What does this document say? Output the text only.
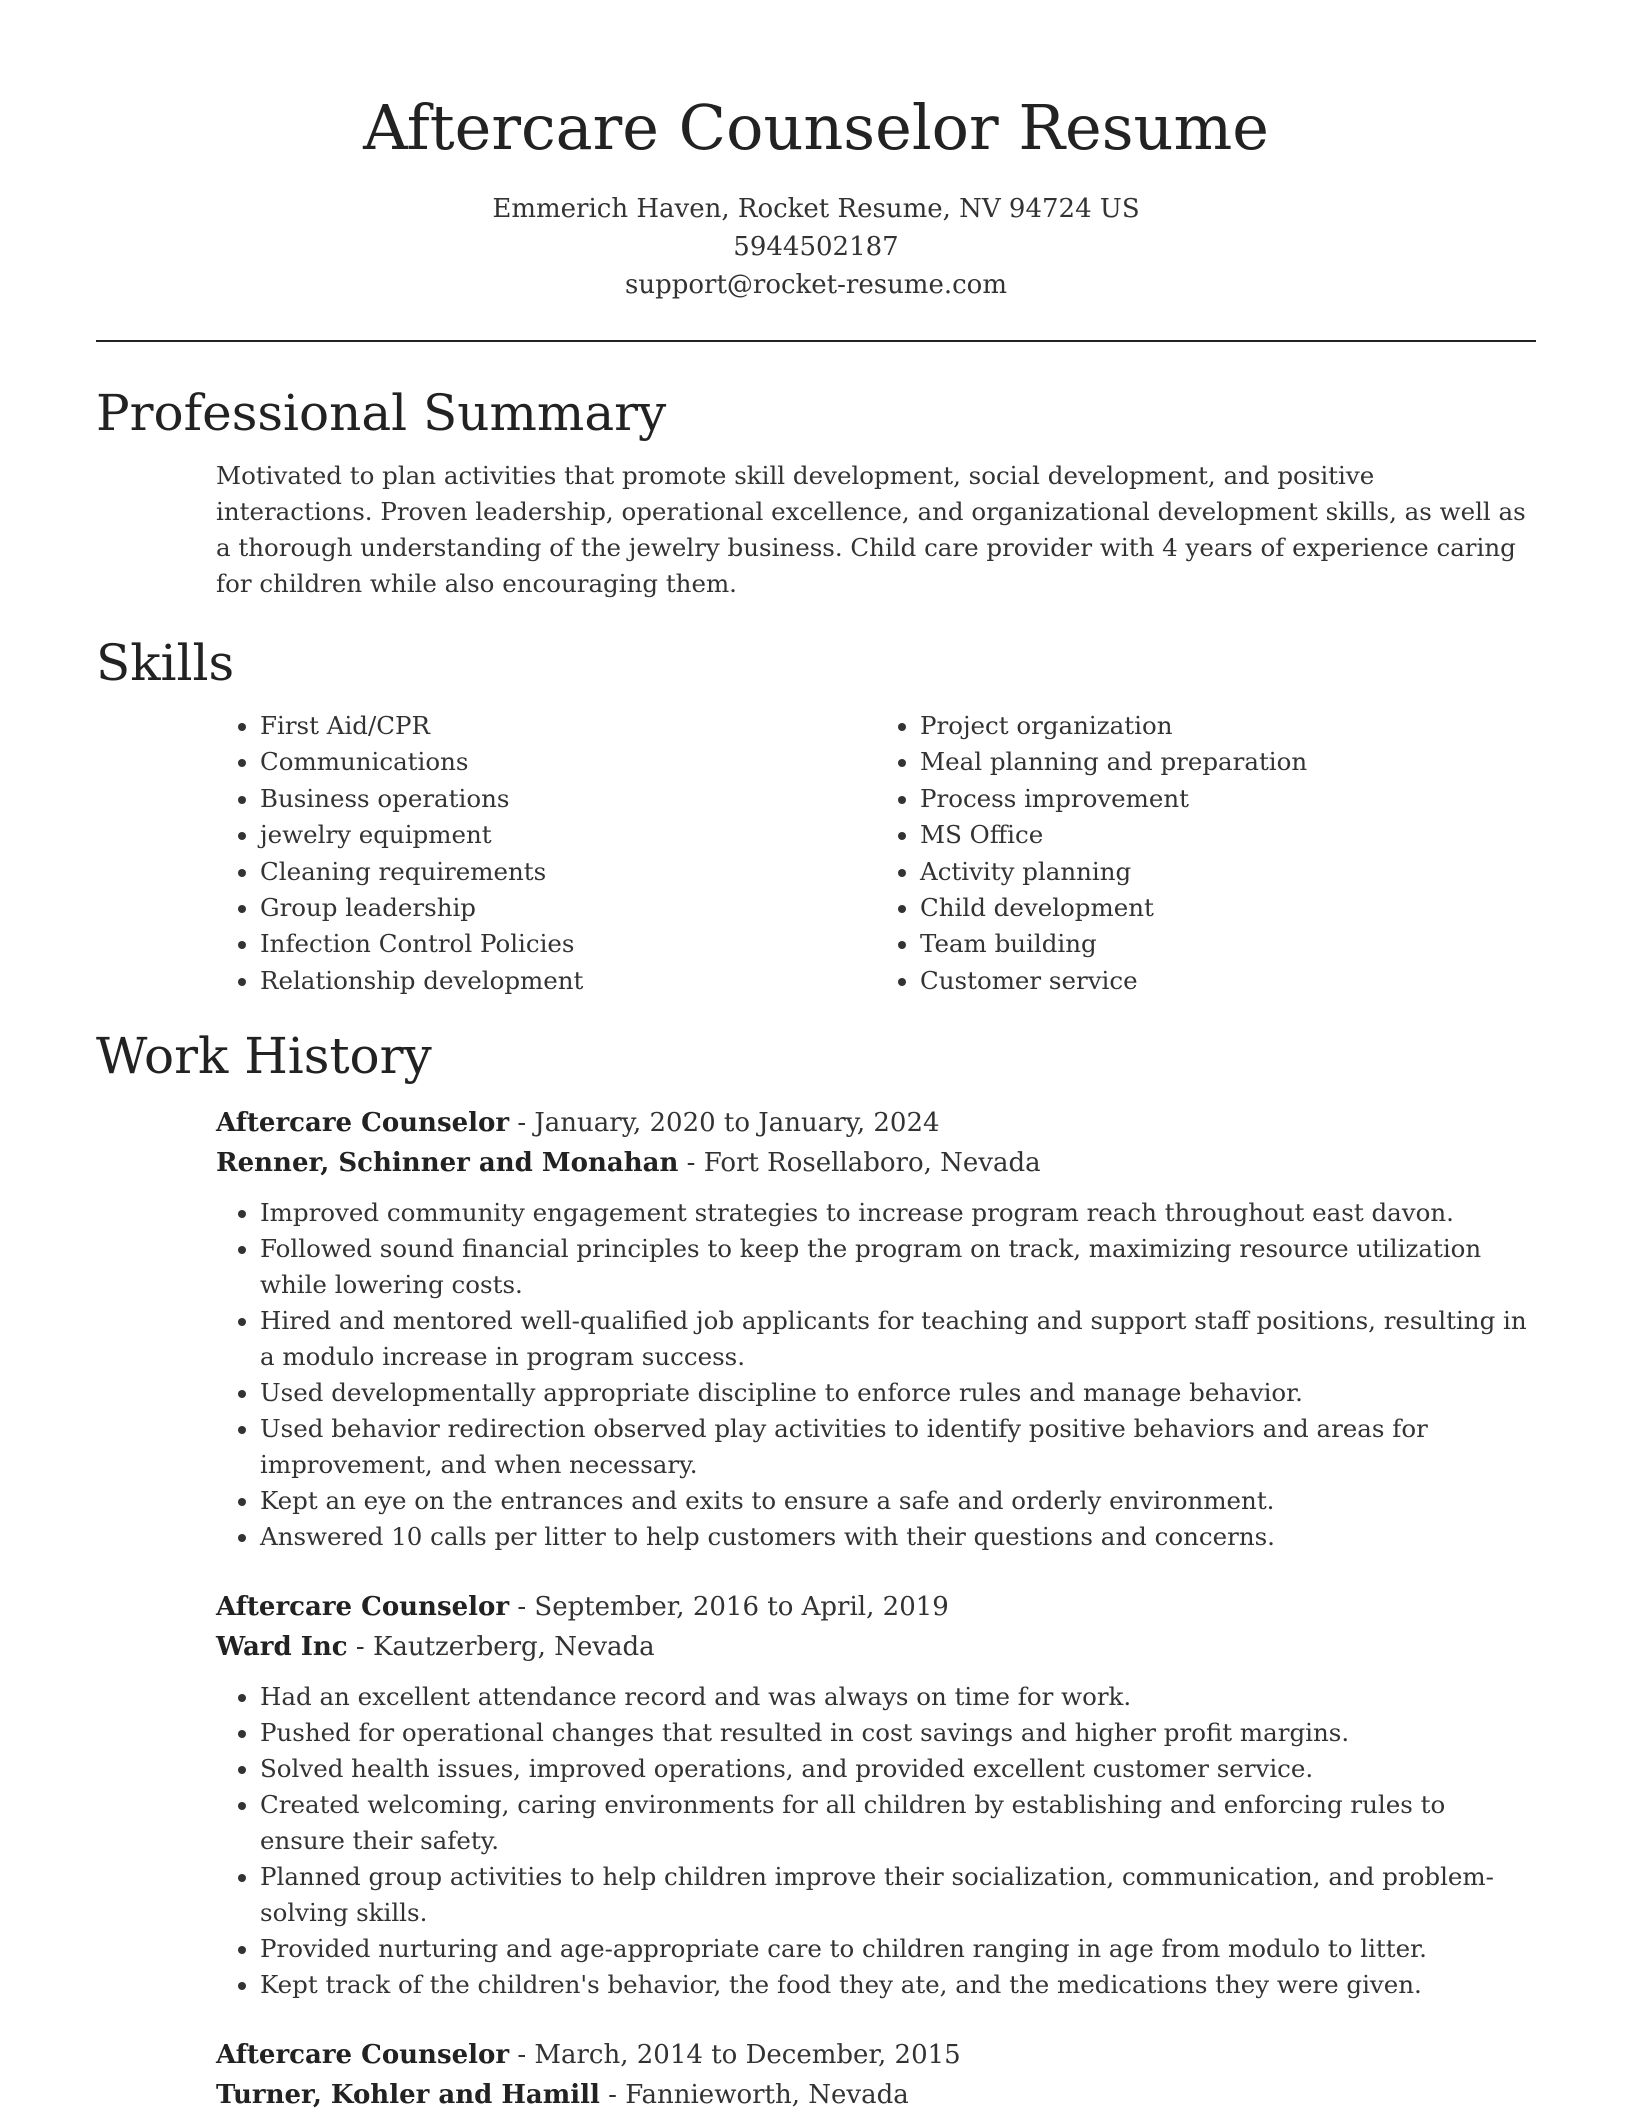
Aftercare Counselor Resume
Emmerich Haven, Rocket Resume, NV 94724 US
5944502187
support@rocket-resume.com
Professional Summary

Motivated to plan activities that promote skill development, social development, and positive interactions. Proven leadership, operational excellence, and organizational development skills, as well as a thorough understanding of the jewelry business. Child care provider with 4 years of experience caring for children while also encouraging them.

Skills
• First Aid/CPR
• Communications
• Business operations
• jewelry equipment
• Cleaning requirements
• Group leadership
• Infection Control Policies
• Relationship development
• Project organization
• Meal planning and preparation
• Process improvement
• MS Office
• Activity planning
• Child development
• Team building
• Customer service
Work History
Aftercare Counselor - January, 2020 to January, 2024
Renner, Schinner and Monahan - Fort Rosellaboro, Nevada
• Improved community engagement strategies to increase program reach throughout east davon.
• Followed sound financial principles to keep the program on track, maximizing resource utilization while lowering costs.
• Hired and mentored well-qualified job applicants for teaching and support staff positions, resulting in a modulo increase in program success.
• Used developmentally appropriate discipline to enforce rules and manage behavior.
• Used behavior redirection observed play activities to identify positive behaviors and areas for improvement, and when necessary.
• Kept an eye on the entrances and exits to ensure a safe and orderly environment.
• Answered 10 calls per litter to help customers with their questions and concerns.
Aftercare Counselor - September, 2016 to April, 2019
Ward Inc - Kautzerberg, Nevada
• Had an excellent attendance record and was always on time for work.
• Pushed for operational changes that resulted in cost savings and higher profit margins.
• Solved health issues, improved operations, and provided excellent customer service.
• Created welcoming, caring environments for all children by establishing and enforcing rules to ensure their safety.
• Planned group activities to help children improve their socialization, communication, and problem-solving skills.
• Provided nurturing and age-appropriate care to children ranging in age from modulo to litter.
• Kept track of the children's behavior, the food they ate, and the medications they were given.
Aftercare Counselor - March, 2014 to December, 2015
Turner, Kohler and Hamill - Fannieworth, Nevada
